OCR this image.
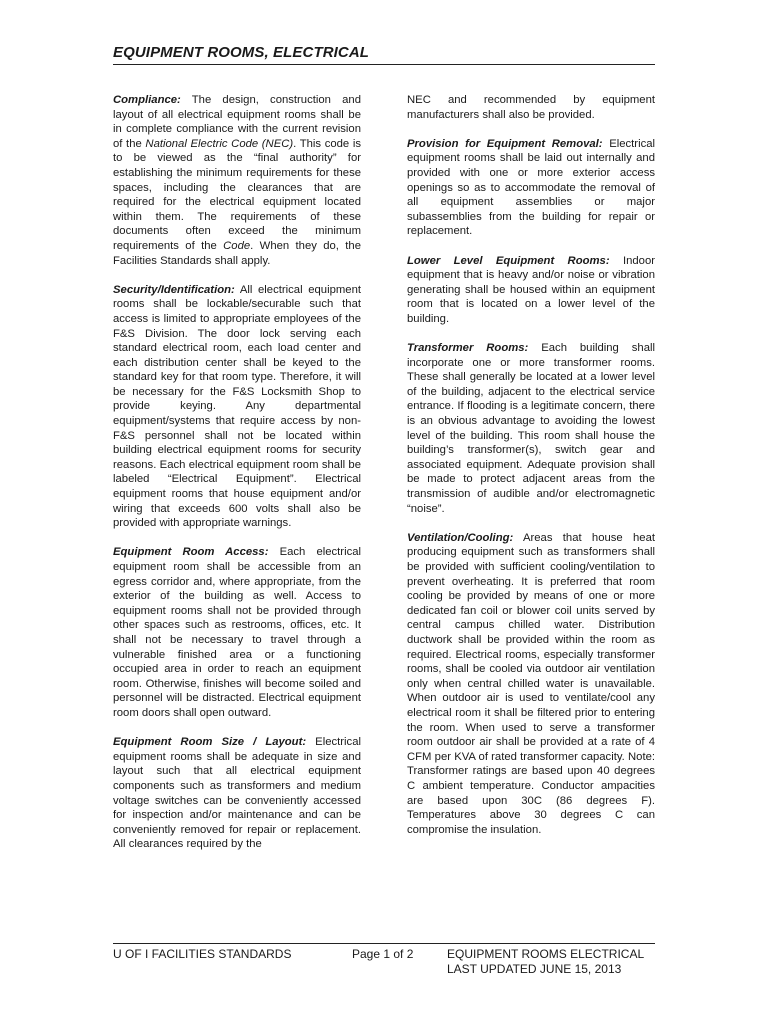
EQUIPMENT ROOMS, ELECTRICAL

Compliance: The design, construction and layout of all electrical equipment rooms shall be in complete compliance with the current revision of the National Electric Code (NEC). This code is to be viewed as the “final authority” for establishing the minimum requirements for these spaces, including the clearances that are required for the electrical equipment located within them. The requirements of these documents often exceed the minimum requirements of the Code. When they do, the Facilities Standards shall apply.

Security/Identification: All electrical equipment rooms shall be lockable/securable such that access is limited to appropriate employees of the F&S Division. The door lock serving each standard electrical room, each load center and each distribution center shall be keyed to the standard key for that room type. Therefore, it will be necessary for the F&S Locksmith Shop to provide keying. Any departmental equipment/systems that require access by non-F&S personnel shall not be located within building electrical equipment rooms for security reasons. Each electrical equipment room shall be labeled “Electrical Equipment”. Electrical equipment rooms that house equipment and/or wiring that exceeds 600 volts shall also be provided with appropriate warnings.

Equipment Room Access: Each electrical equipment room shall be accessible from an egress corridor and, where appropriate, from the exterior of the building as well. Access to equipment rooms shall not be provided through other spaces such as restrooms, offices, etc. It shall not be necessary to travel through a vulnerable finished area or a functioning occupied area in order to reach an equipment room. Otherwise, finishes will become soiled and personnel will be distracted. Electrical equipment room doors shall open outward.

Equipment Room Size / Layout: Electrical equipment rooms shall be adequate in size and layout such that all electrical equipment components such as transformers and medium voltage switches can be conveniently accessed for inspection and/or maintenance and can be conveniently removed for repair or replacement. All clearances required by the

NEC and recommended by equipment manufacturers shall also be provided.

Provision for Equipment Removal: Electrical equipment rooms shall be laid out internally and provided with one or more exterior access openings so as to accommodate the removal of all equipment assemblies or major subassemblies from the building for repair or replacement.

Lower Level Equipment Rooms: Indoor equipment that is heavy and/or noise or vibration generating shall be housed within an equipment room that is located on a lower level of the building.

Transformer Rooms: Each building shall incorporate one or more transformer rooms. These shall generally be located at a lower level of the building, adjacent to the electrical service entrance. If flooding is a legitimate concern, there is an obvious advantage to avoiding the lowest level of the building. This room shall house the building’s transformer(s), switch gear and associated equipment. Adequate provision shall be made to protect adjacent areas from the transmission of audible and/or electromagnetic “noise”.

Ventilation/Cooling: Areas that house heat producing equipment such as transformers shall be provided with sufficient cooling/ventilation to prevent overheating. It is preferred that room cooling be provided by means of one or more dedicated fan coil or blower coil units served by central campus chilled water. Distribution ductwork shall be provided within the room as required. Electrical rooms, especially transformer rooms, shall be cooled via outdoor air ventilation only when central chilled water is unavailable. When outdoor air is used to ventilate/cool any electrical room it shall be filtered prior to entering the room. When used to serve a transformer room outdoor air shall be provided at a rate of 4 CFM per KVA of rated transformer capacity. Note: Transformer ratings are based upon 40 degrees C ambient temperature. Conductor ampacities are based upon 30C (86 degrees F). Temperatures above 30 degrees C can compromise the insulation.

U OF I FACILITIES STANDARDS	Page 1 of 2	EQUIPMENT ROOMS ELECTRICAL
LAST UPDATED JUNE 15, 2013
